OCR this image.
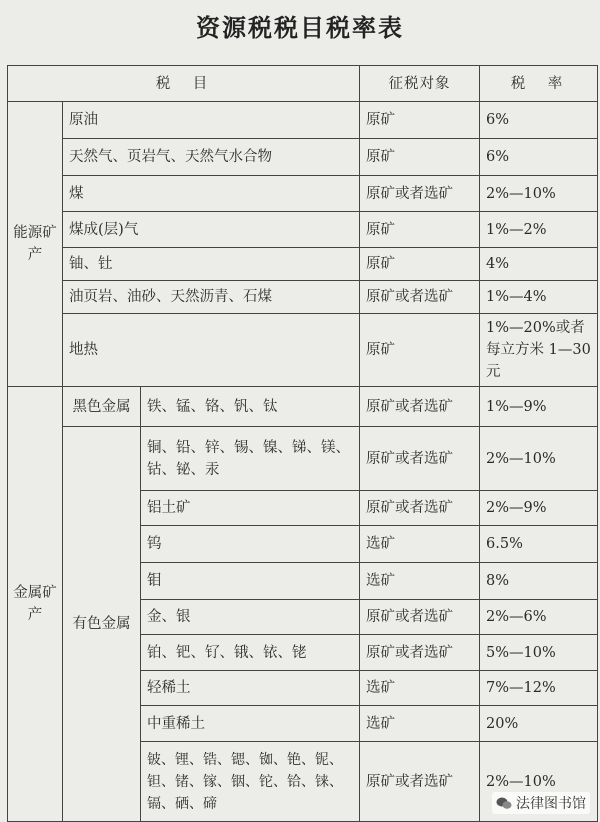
资源税税目税率表
税　目			征税对象	税　率
能源矿产	原油		原矿	6%
	天然气、页岩气、天然气水合物		原矿	6%
	煤		原矿或者选矿	2%—10%
	煤成(层)气		原矿	1%—2%
	铀、钍		原矿	4%
	油页岩、油砂、天然沥青、石煤		原矿或者选矿	1%—4%
	地热		原矿	1%—20%或者每立方米 1—30元
金属矿产	黑色金属	铁、锰、铬、钒、钛	原矿或者选矿	1%—9%
	有色金属	铜、铅、锌、锡、镍、锑、镁、钴、铋、汞	原矿或者选矿	2%—10%
		铝土矿	原矿或者选矿	2%—9%
		钨	选矿	6.5%
		钼	选矿	8%
		金、银	原矿或者选矿	2%—6%
		铂、钯、钌、锇、铱、铑	原矿或者选矿	5%—10%
		轻稀土	选矿	7%—12%
		中重稀土	选矿	20%
		铍、锂、锆、锶、铷、铯、铌、钽、锗、镓、铟、铊、铪、铼、镉、硒、碲	原矿或者选矿	2%—10%
法律图书馆
